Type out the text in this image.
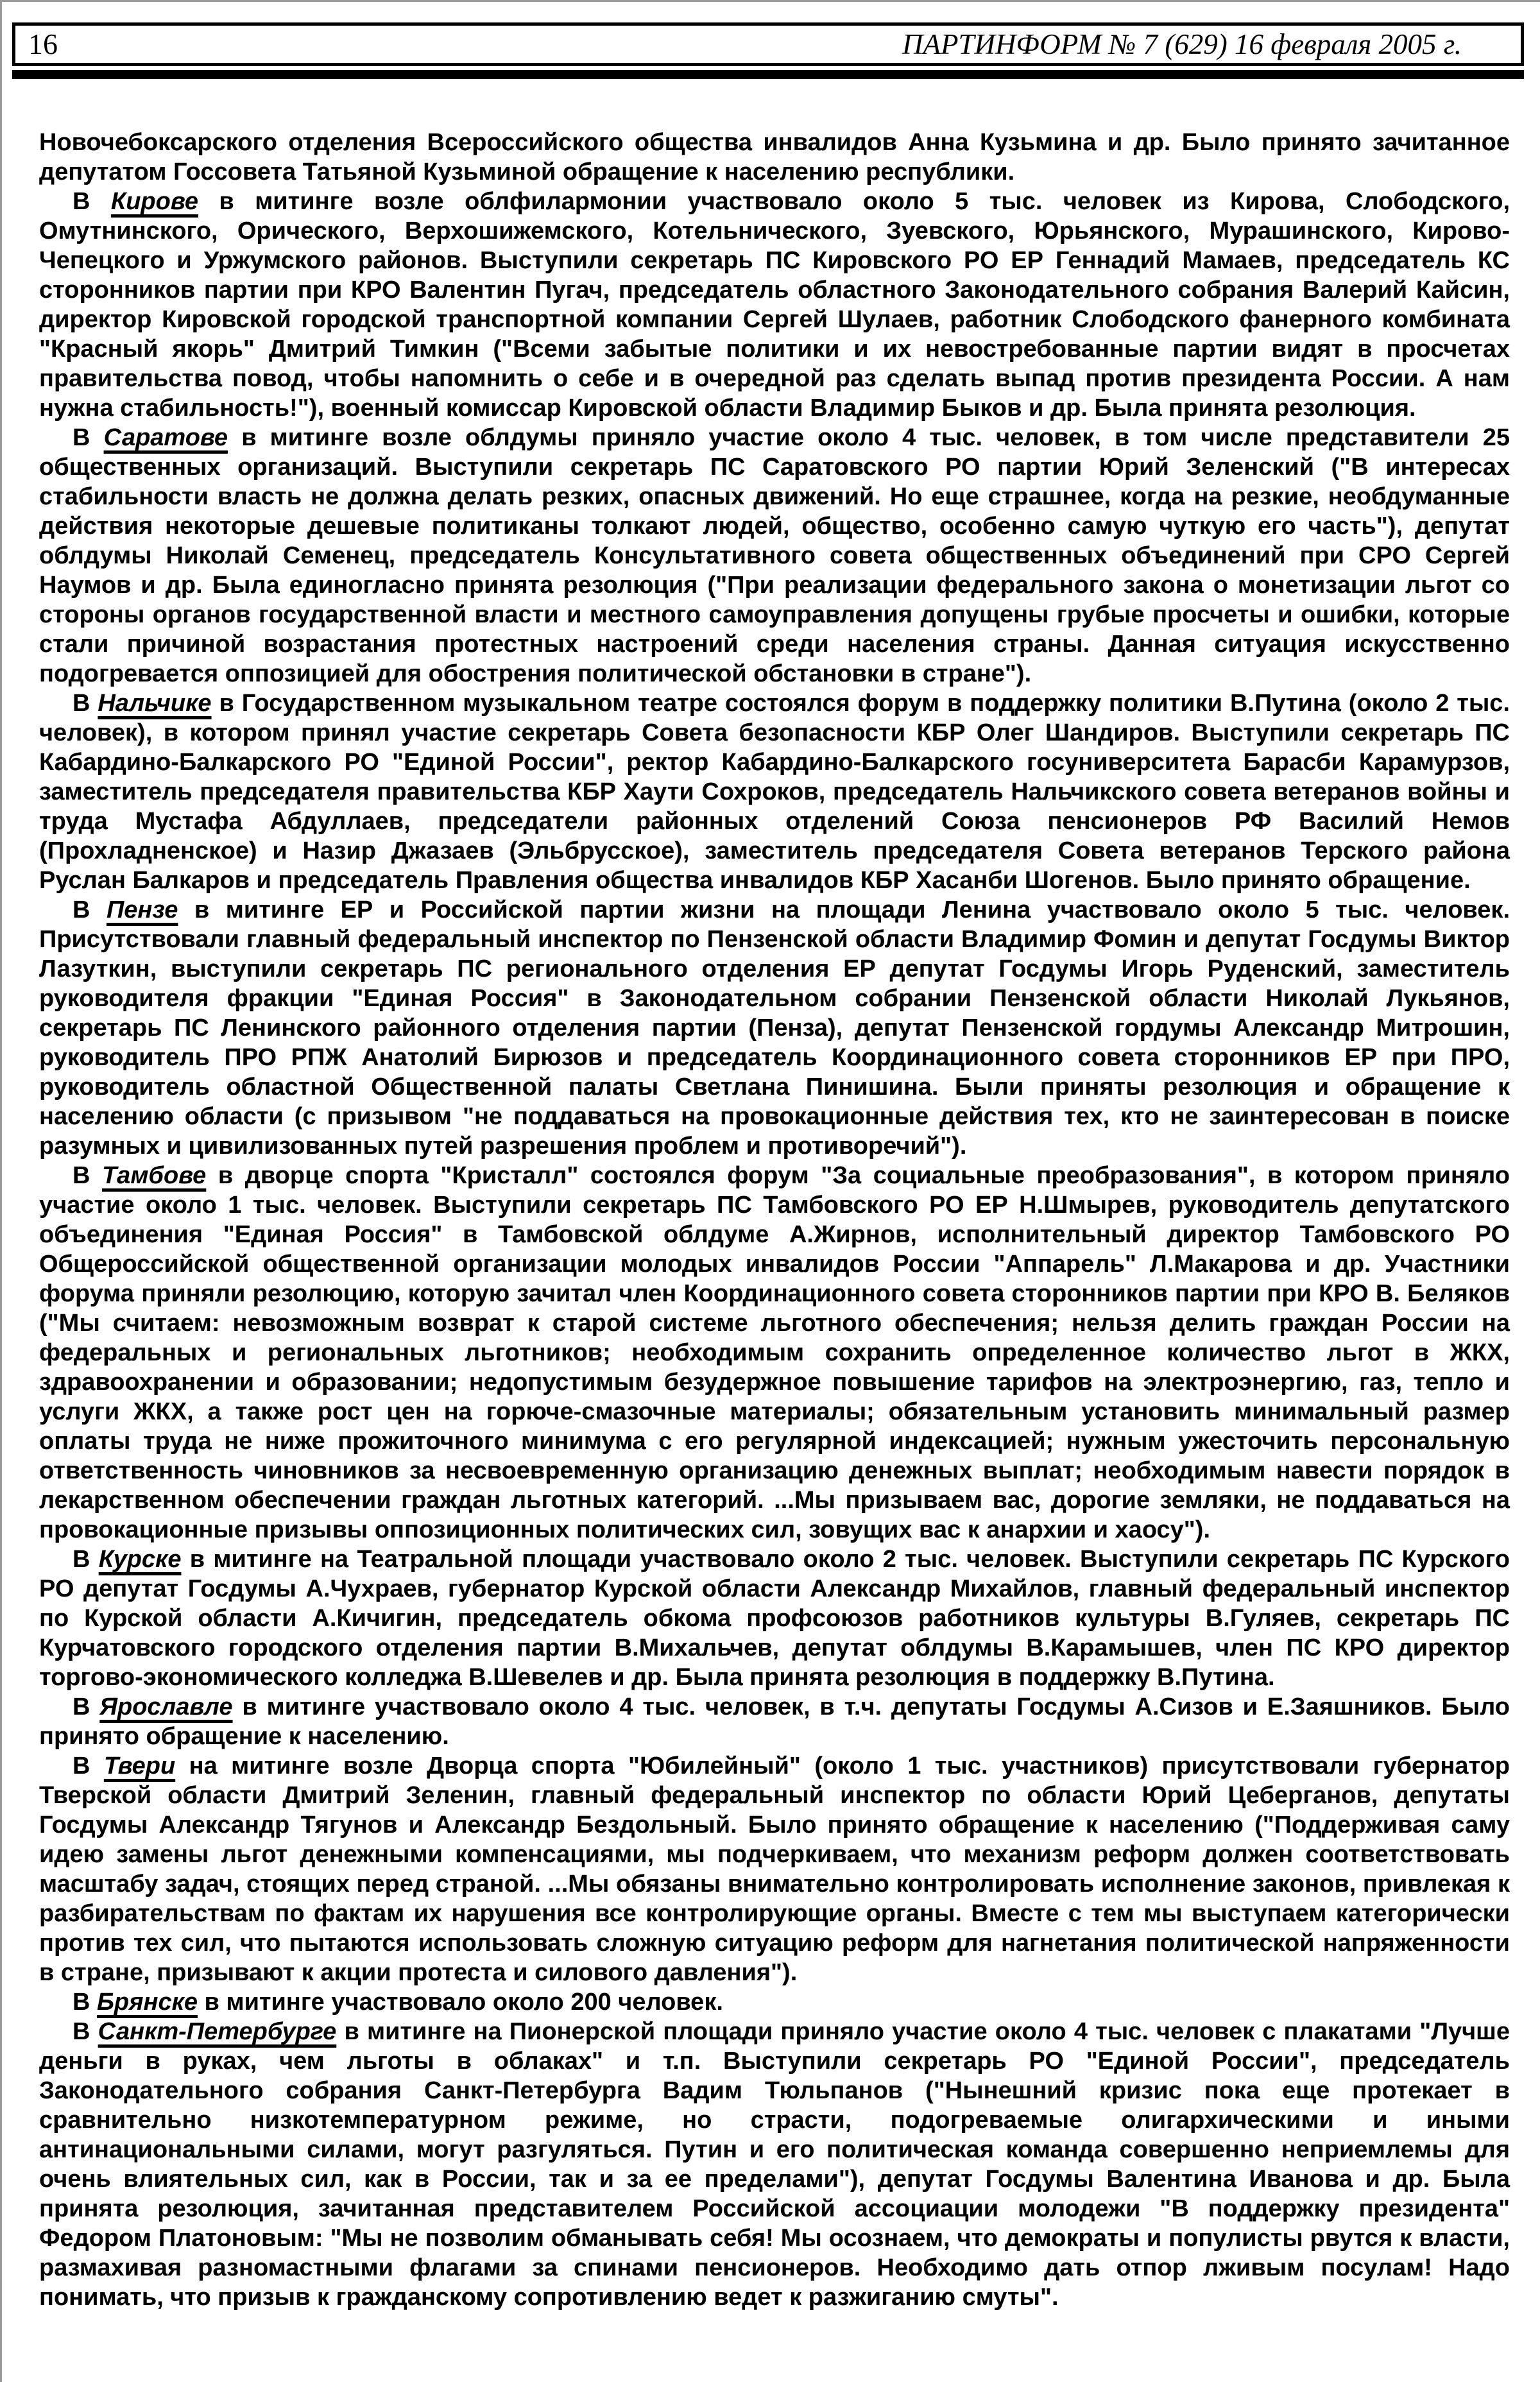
16	ПАРТИНФОРМ № 7 (629) 16 февраля 2005 г.

Новочебоксарского отделения Всероссийского общества инвалидов Анна Кузьмина и др. Было принято зачитанное депутатом Госсовета Татьяной Кузьминой обращение к населению республики.

В Кирове в митинге возле облфилармонии участвовало около 5 тыс. человек из Кирова, Слободского, Омутнинского, Орического, Верхошижемского, Котельнического, Зуевского, Юрьянского, Мурашинского, Кирово-Чепецкого и Уржумского районов. Выступили секретарь ПС Кировского РО ЕР Геннадий Мамаев, председатель КС сторонников партии при КРО Валентин Пугач, председатель областного Законодательного собрания Валерий Кайсин, директор Кировской городской транспортной компании Сергей Шулаев, работник Слободского фанерного комбината "Красный якорь" Дмитрий Тимкин ("Всеми забытые политики и их невостребованные партии видят в просчетах правительства повод, чтобы напомнить о себе и в очередной раз сделать выпад против президента России. А нам нужна стабильность!"), военный комиссар Кировской области Владимир Быков и др. Была принята резолюция.

В Саратове в митинге возле облдумы приняло участие около 4 тыс. человек, в том числе представители 25 общественных организаций. Выступили секретарь ПС Саратовского РО партии Юрий Зеленский ("В интересах стабильности власть не должна делать резких, опасных движений. Но еще страшнее, когда на резкие, необдуманные действия некоторые дешевые политиканы толкают людей, общество, особенно самую чуткую его часть"), депутат облдумы Николай Семенец, председатель Консультативного совета общественных объединений при СРО Сергей Наумов и др. Была единогласно принята резолюция ("При реализации федерального закона о монетизации льгот со стороны органов государственной власти и местного самоуправления допущены грубые просчеты и ошибки, которые стали причиной возрастания протестных настроений среди населения страны. Данная ситуация искусственно подогревается оппозицией для обострения политической обстановки в стране").

В Нальчике в Государственном музыкальном театре состоялся форум в поддержку политики В.Путина (около 2 тыс. человек), в котором принял участие секретарь Совета безопасности КБР Олег Шандиров. Выступили секретарь ПС Кабардино-Балкарского РО "Единой России", ректор Кабардино-Балкарского госуниверситета Барасби Карамурзов, заместитель председателя правительства КБР Хаути Сохроков, председатель Нальчикского совета ветеранов войны и труда Мустафа Абдуллаев, председатели районных отделений Союза пенсионеров РФ Василий Немов (Прохладненское) и Назир Джазаев (Эльбрусское), заместитель председателя Совета ветеранов Терского района Руслан Балкаров и председатель Правления общества инвалидов КБР Хасанби Шогенов. Было принято обращение.

В Пензе в митинге ЕР и Российской партии жизни на площади Ленина участвовало около 5 тыс. человек. Присутствовали главный федеральный инспектор по Пензенской области Владимир Фомин и депутат Госдумы Виктор Лазуткин, выступили секретарь ПС регионального отделения ЕР депутат Госдумы Игорь Руденский, заместитель руководителя фракции "Единая Россия" в Законодательном собрании Пензенской области Николай Лукьянов, секретарь ПС Ленинского районного отделения партии (Пенза), депутат Пензенской гордумы Александр Митрошин, руководитель ПРО РПЖ Анатолий Бирюзов и председатель Координационного совета сторонников ЕР при ПРО, руководитель областной Общественной палаты Светлана Пинишина. Были приняты резолюция и обращение к населению области (с призывом "не поддаваться на провокационные действия тех, кто не заинтересован в поиске разумных и цивилизованных путей разрешения проблем и противоречий").

В Тамбове в дворце спорта "Кристалл" состоялся форум "За социальные преобразования", в котором приняло участие около 1 тыс. человек. Выступили секретарь ПС Тамбовского РО ЕР Н.Шмырев, руководитель депутатского объединения "Единая Россия" в Тамбовской облдуме А.Жирнов, исполнительный директор Тамбовского РО Общероссийской общественной организации молодых инвалидов России "Аппарель" Л.Макарова и др. Участники форума приняли резолюцию, которую зачитал член Координационного совета сторонников партии при КРО В. Беляков ("Мы считаем: невозможным возврат к старой системе льготного обеспечения; нельзя делить граждан России на федеральных и региональных льготников; необходимым сохранить определенное количество льгот в ЖКХ, здравоохранении и образовании; недопустимым безудержное повышение тарифов на электроэнергию, газ, тепло и услуги ЖКХ, а также рост цен на горюче-смазочные материалы; обязательным установить минимальный размер оплаты труда не ниже прожиточного минимума с его регулярной индексацией; нужным ужесточить персональную ответственность чиновников за несвоевременную организацию денежных выплат; необходимым навести порядок в лекарственном обеспечении граждан льготных категорий. ...Мы призываем вас, дорогие земляки, не поддаваться на провокационные призывы оппозиционных политических сил, зовущих вас к анархии и хаосу").

В Курске в митинге на Театральной площади участвовало около 2 тыс. человек. Выступили секретарь ПС Курского РО депутат Госдумы А.Чухраев, губернатор Курской области Александр Михайлов, главный федеральный инспектор по Курской области А.Кичигин, председатель обкома профсоюзов работников культуры В.Гуляев, секретарь ПС Курчатовского городского отделения партии В.Михальчев, депутат облдумы В.Карамышев, член ПС КРО директор торгово-экономического колледжа В.Шевелев и др. Была принята резолюция в поддержку В.Путина.

В Ярославле в митинге участвовало около 4 тыс. человек, в т.ч. депутаты Госдумы А.Сизов и Е.Заяшников. Было принято обращение к населению.

В Твери на митинге возле Дворца спорта "Юбилейный" (около 1 тыс. участников) присутствовали губернатор Тверской области Дмитрий Зеленин, главный федеральный инспектор по области Юрий Цеберганов, депутаты Госдумы Александр Тягунов и Александр Бездольный. Было принято обращение к населению ("Поддерживая саму идею замены льгот денежными компенсациями, мы подчеркиваем, что механизм реформ должен соответствовать масштабу задач, стоящих перед страной. ...Мы обязаны внимательно контролировать исполнение законов, привлекая к разбирательствам по фактам их нарушения все контролирующие органы. Вместе с тем мы выступаем категорически против тех сил, что пытаются использовать сложную ситуацию реформ для нагнетания политической напряженности в стране, призывают к акции протеста и силового давления").

В Брянске в митинге участвовало около 200 человек.

В Санкт-Петербурге в митинге на Пионерской площади приняло участие около 4 тыс. человек с плакатами "Лучше деньги в руках, чем льготы в облаках" и т.п. Выступили секретарь РО "Единой России", председатель Законодательного собрания Санкт-Петербурга Вадим Тюльпанов ("Нынешний кризис пока еще протекает в сравнительно низкотемпературном режиме, но страсти, подогреваемые олигархическими и иными антинациональными силами, могут разгуляться. Путин и его политическая команда совершенно неприемлемы для очень влиятельных сил, как в России, так и за ее пределами"), депутат Госдумы Валентина Иванова и др. Была принята резолюция, зачитанная представителем Российской ассоциации молодежи "В поддержку президента" Федором Платоновым: "Мы не позволим обманывать себя! Мы осознаем, что демократы и популисты рвутся к власти, размахивая разномастными флагами за спинами пенсионеров. Необходимо дать отпор лживым посулам! Надо понимать, что призыв к гражданскому сопротивлению ведет к разжиганию смуты".
